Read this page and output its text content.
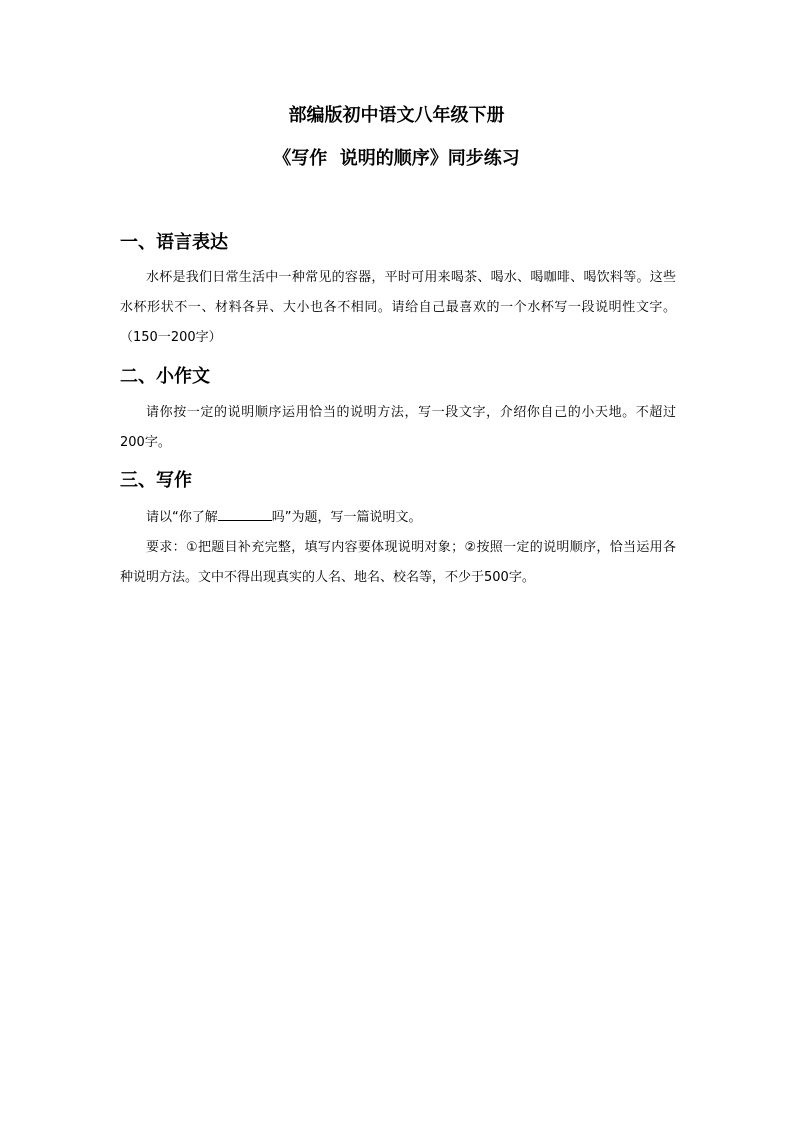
部编版初中语文八年级下册
《写作  说明的顺序》同步练习
一、语言表达
水杯是我们日常生活中一种常见的容器，平时可用来喝茶、喝水、喝咖啡、喝饮料等。这些水杯形状不一、材料各异、大小也各不相同。请给自己最喜欢的一个水杯写一段说明性文字。（150一200字）
二、小作文
请你按一定的说明顺序运用恰当的说明方法，写一段文字，介绍你自己的小天地。不超过200字。
三、写作
请以“你了解	吗”为题，写一篇说明文。
要求：①把题目补充完整，填写内容要体现说明对象；②按照一定的说明顺序，恰当运用各种说明方法。文中不得出现真实的人名、地名、校名等，不少于500字。
